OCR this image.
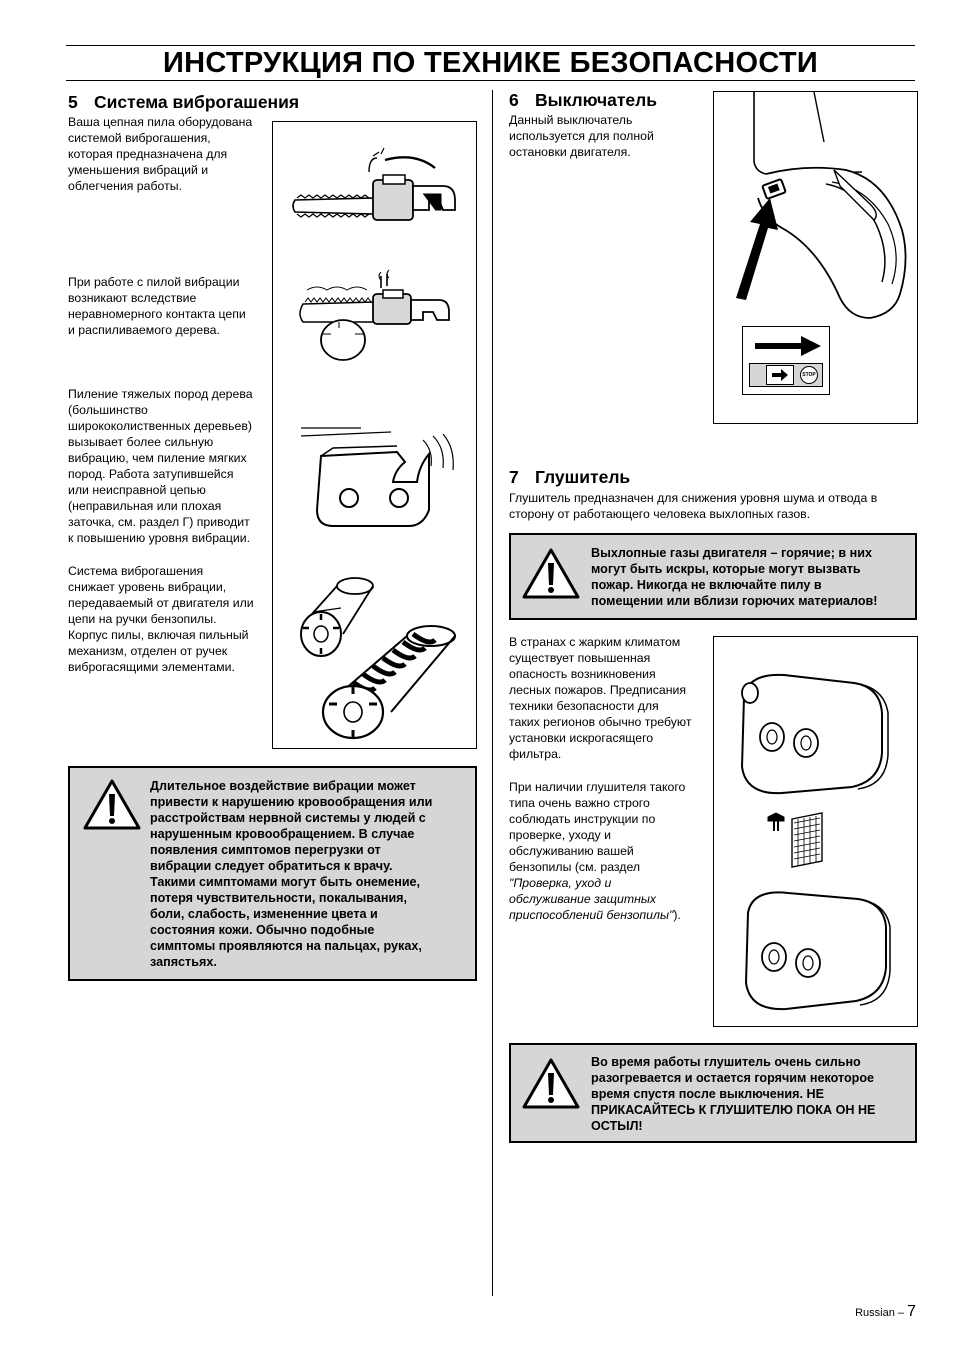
ИНСТРУКЦИЯ ПО ТЕХНИКЕ БЕЗОПАСНОСТИ
5 Система виброгашения
Ваша цепная пила оборудована
системой виброгашения,
которая предназначена для
уменьшения вибраций и
облегчения работы.
При работе с пилой вибрации
возникают вследствие
неравномерного контакта цепи
и распиливаемого дерева.
Пиление тяжелых пород дерева
(большинство
ширококолиственных деревьев)
вызывает более сильную
вибрацию, чем пиление мягких
пород. Работа затупившейся
или неисправной цепью
(неправильная или плохая
заточка, см. раздел Г) приводит
к повышению уровня вибрации.
Система виброгашения
снижает уровень вибрации,
передаваемый от двигателя или
цепи на ручки бензопилы.
Корпус пилы, включая пильный
механизм, отделен от ручек
виброгасящими элементами.
Длительное воздействие вибрации может
привести к нарушению кровообращения или
расстройствам нервной системы у людей с
нарушенным кровообращением. В случае
появления симптомов перегрузки от
вибрации следует обратиться к врачу.
Такими симптомами могут быть онемение,
потеря чувствительности, покалывания,
боли, слабость, измененние цвета и
состояния кожи. Обычно подобные
симптомы проявляются на пальцах, руках,
запястьях.
6 Выключатель
Данный выключатель
используется для полной
остановки двигателя.
STOP
7 Глушитель
Глушитель предназначен для снижения уровня шума и отвода в
сторону от работающего человека выхлопных газов.
Выхлопные газы двигателя – горячие; в них
могут быть искры, которые могут вызвать
пожар. Никогда не включайте пилу в
помещении или вблизи горючих материалов!
В странах с жарким климатом
существует повышенная
опасность возникновения
лесных пожаров. Предписания
техники безопасности для
таких регионов обычно требуют
установки искрогасящего
фильтра.
При наличии глушителя такого
типа очень важно строго
соблюдать инструкции по
проверке, уходу и
обслуживанию вашей
бензопилы (см. раздел
"Проверка, уход и
обслуживание защитных
приспособлений бензопилы").
Во время работы глушитель очень сильно
разогревается и остается горячим некоторое
время спустя после выключения. НЕ
ПРИКАСАЙТЕСЬ К ГЛУШИТЕЛЮ ПОКА ОН НЕ
ОСТЫЛ!
Russian – 7
